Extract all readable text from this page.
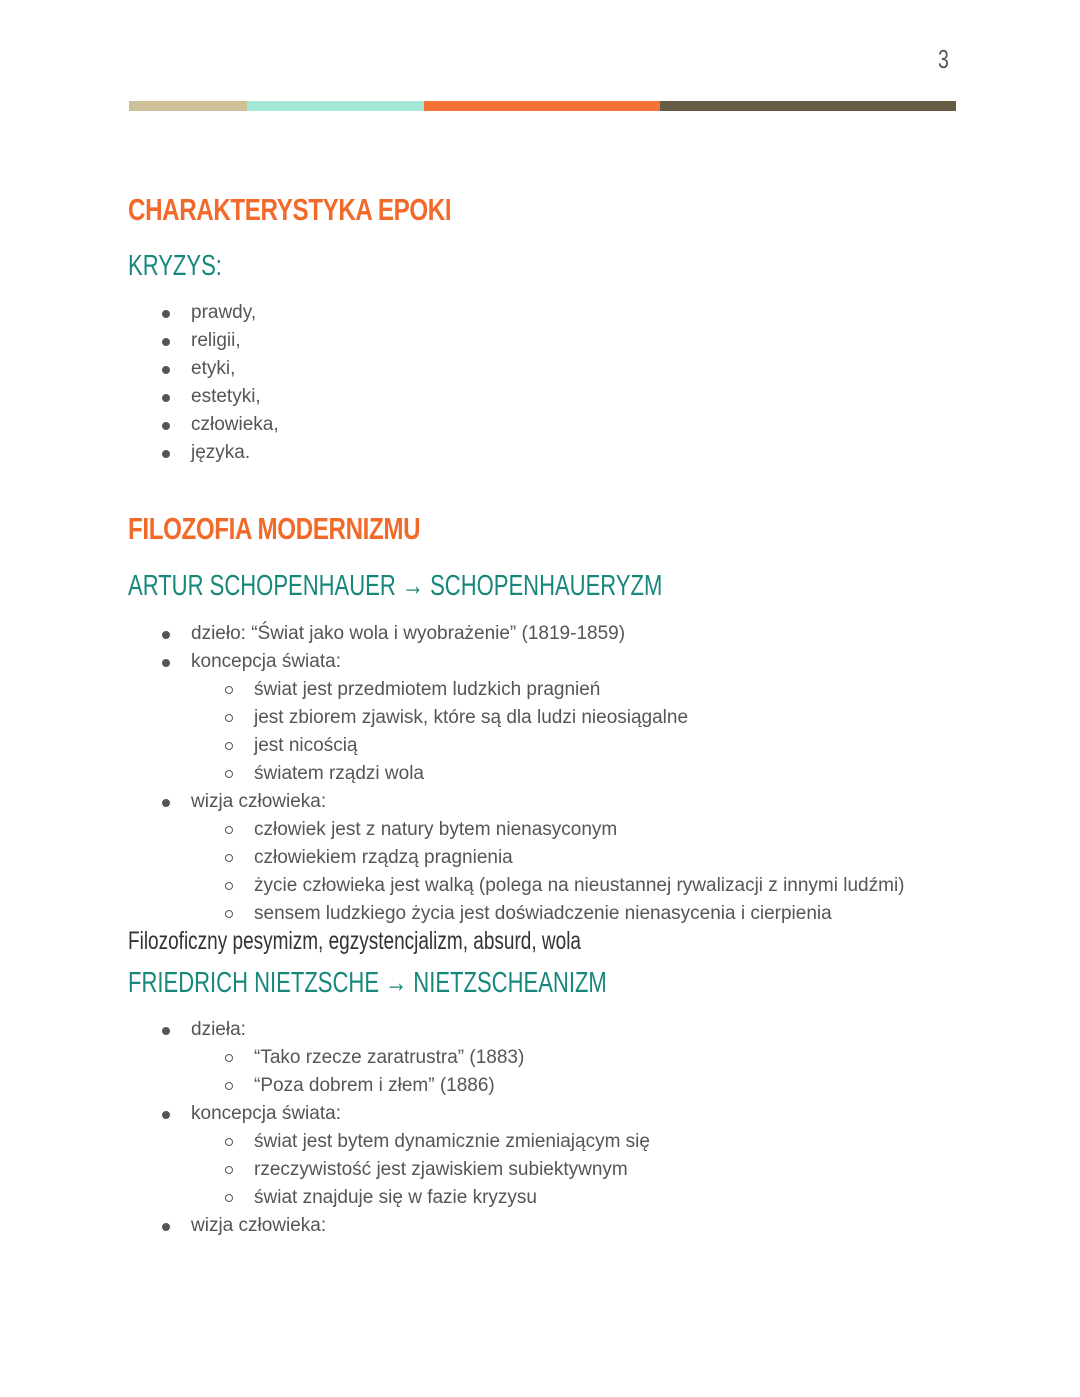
3
CHARAKTERYSTYKA EPOKI
KRYZYS:
prawdy,
religii,
etyki,
estetyki,
człowieka,
języka.
FILOZOFIA MODERNIZMU
ARTUR SCHOPENHAUER → SCHOPENHAUERYZM
dzieło: “Świat jako wola i wyobrażenie” (1819-1859)
koncepcja świata:
świat jest przedmiotem ludzkich pragnień
jest zbiorem zjawisk, które są dla ludzi nieosiągalne
jest nicością
światem rządzi wola
wizja człowieka:
człowiek jest z natury bytem nienasyconym
człowiekiem rządzą pragnienia
życie człowieka jest walką (polega na nieustannej rywalizacji z innymi ludźmi)
sensem ludzkiego życia jest doświadczenie nienasycenia i cierpienia
Filozoficzny pesymizm, egzystencjalizm, absurd, wola
FRIEDRICH NIETZSCHE → NIETZSCHEANIZM
dzieła:
“Tako rzecze zaratrustra” (1883)
“Poza dobrem i złem” (1886)
koncepcja świata:
świat jest bytem dynamicznie zmieniającym się
rzeczywistość jest zjawiskiem subiektywnym
świat znajduje się w fazie kryzysu
wizja człowieka:
